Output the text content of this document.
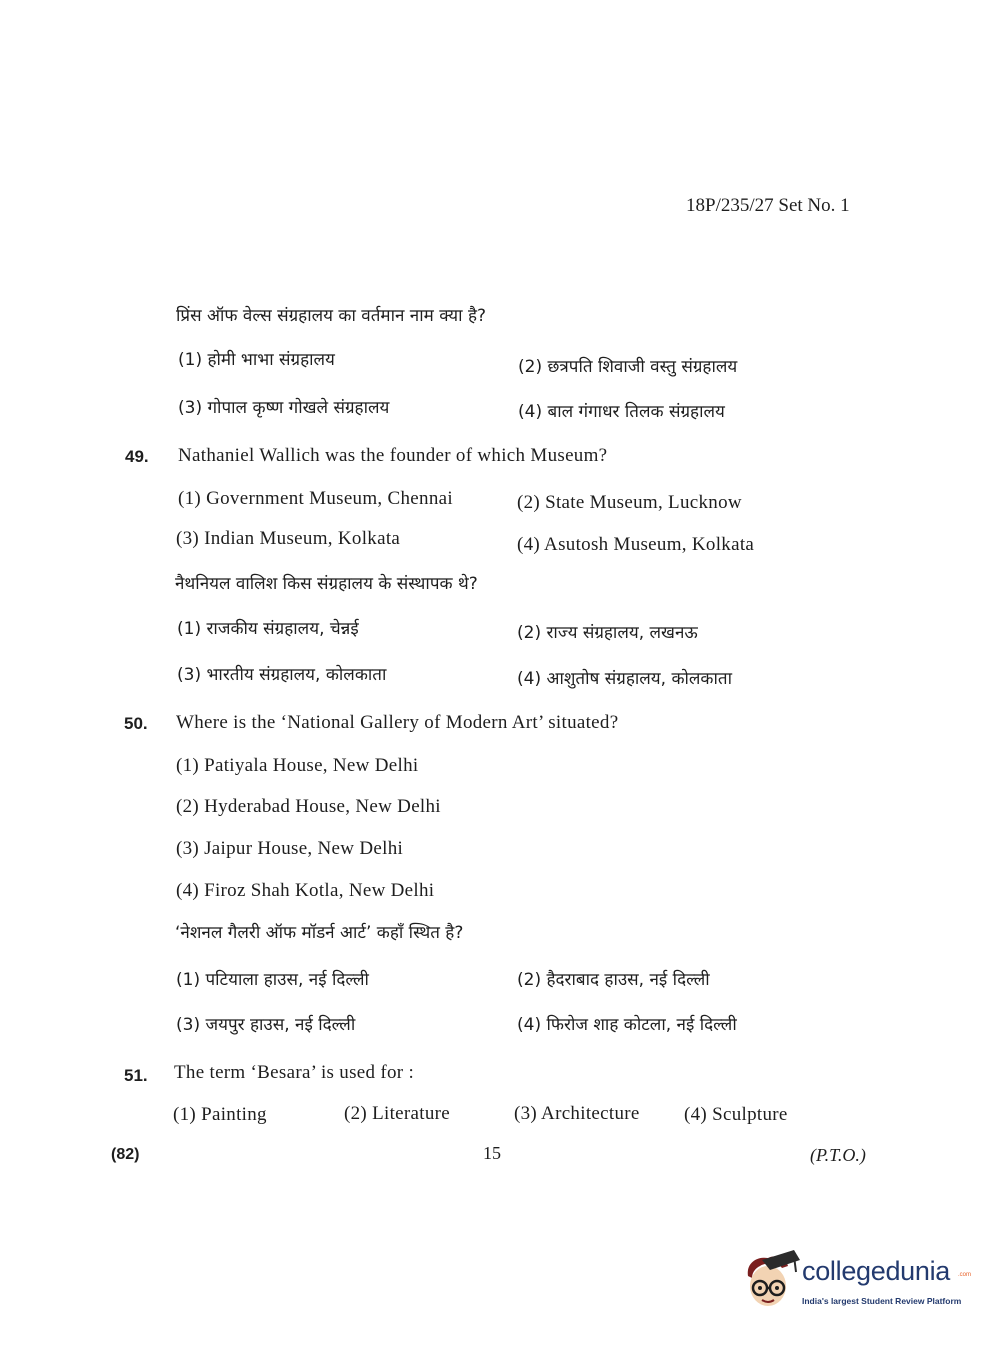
18P/235/27 Set No. 1
प्रिंस ऑफ वेल्स संग्रहालय का वर्तमान नाम क्या है?
(1) होमी भाभा संग्रहालय	(2) छत्रपति शिवाजी वस्तु संग्रहालय
(3) गोपाल कृष्ण गोखले संग्रहालय	(4) बाल गंगाधर तिलक संग्रहालय
49. Nathaniel Wallich was the founder of which Museum?
(1) Government Museum, Chennai	(2) State Museum, Lucknow
(3) Indian Museum, Kolkata	(4) Asutosh Museum, Kolkata
नैथनियल वालिश किस संग्रहालय के संस्थापक थे?
(1) राजकीय संग्रहालय, चेन्नई	(2) राज्य संग्रहालय, लखनऊ
(3) भारतीय संग्रहालय, कोलकाता	(4) आशुतोष संग्रहालय, कोलकाता
50. Where is the ‘National Gallery of Modern Art’ situated?
(1) Patiyala House, New Delhi
(2) Hyderabad House, New Delhi
(3) Jaipur House, New Delhi
(4) Firoz Shah Kotla, New Delhi
‘नेशनल गैलरी ऑफ मॉडर्न आर्ट’ कहाँ स्थित है?
(1) पटियाला हाउस, नई दिल्ली	(2) हैदराबाद हाउस, नई दिल्ली
(3) जयपुर हाउस, नई दिल्ली	(4) फिरोज शाह कोटला, नई दिल्ली
51. The term ‘Besara’ is used for :
(1) Painting	(2) Literature	(3) Architecture (4) Sculpture
(82)	15	(P.T.O.)
collegedunia .com
India's largest Student Review Platform
